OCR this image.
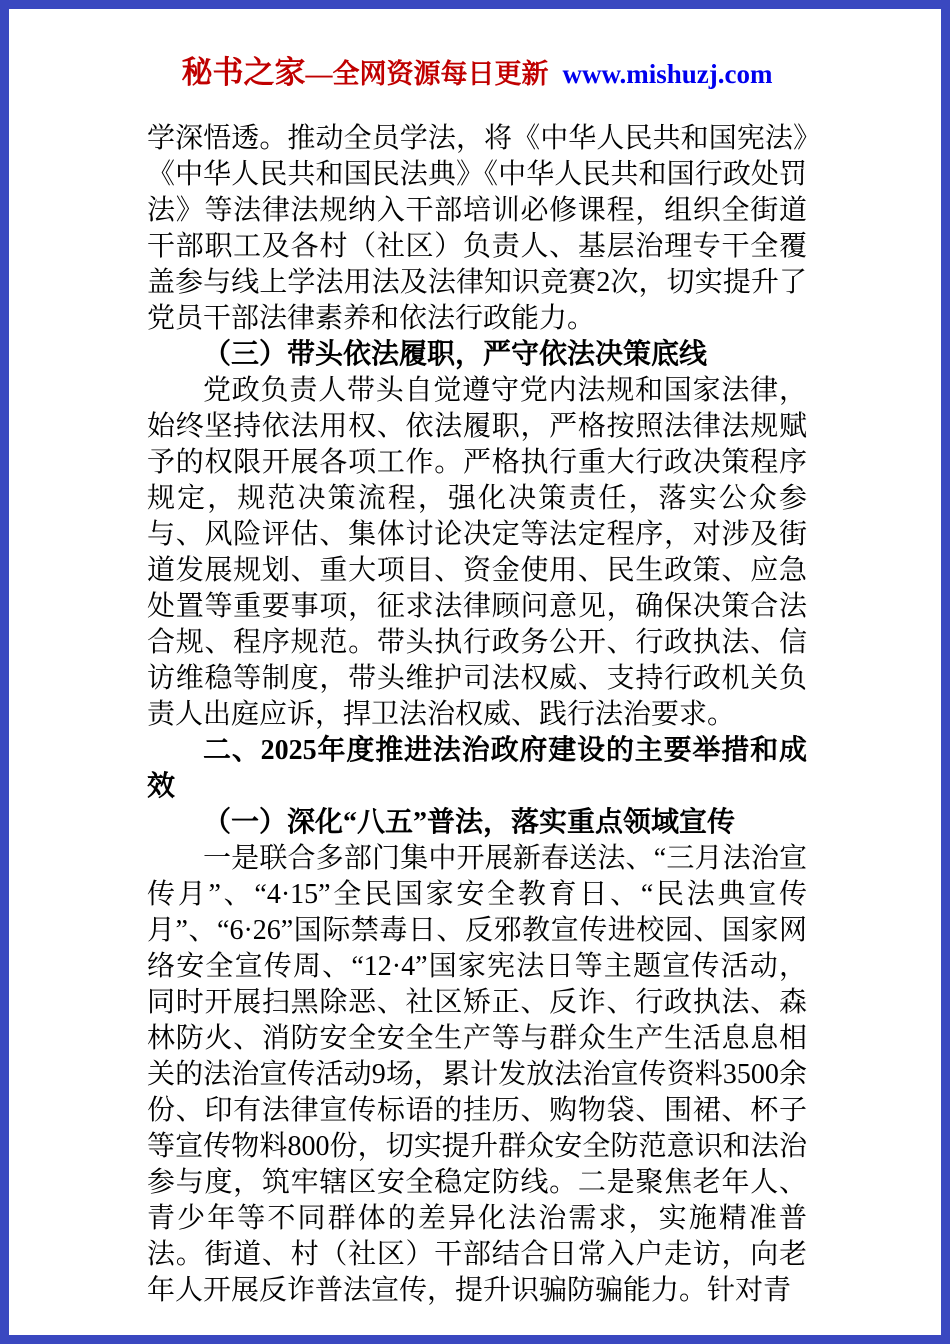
秘书之家—全网资源每日更新 www.mishuzj.com

学深悟透。推动全员学法，将《中华人民共和国宪法》《中华人民共和国民法典》《中华人民共和国行政处罚法》等法律法规纳入干部培训必修课程，组织全街道干部职工及各村（社区）负责人、基层治理专干全覆盖参与线上学法用法及法律知识竞赛2次，切实提升了党员干部法律素养和依法行政能力。

（三）带头依法履职，严守依法决策底线

党政负责人带头自觉遵守党内法规和国家法律，始终坚持依法用权、依法履职，严格按照法律法规赋予的权限开展各项工作。严格执行重大行政决策程序规定，规范决策流程，强化决策责任，落实公众参与、风险评估、集体讨论决定等法定程序，对涉及街道发展规划、重大项目、资金使用、民生政策、应急处置等重要事项，征求法律顾问意见，确保决策合法合规、程序规范。带头执行政务公开、行政执法、信访维稳等制度，带头维护司法权威、支持行政机关负责人出庭应诉，捍卫法治权威、践行法治要求。

二、2025年度推进法治政府建设的主要举措和成效

（一）深化“八五”普法，落实重点领域宣传

一是联合多部门集中开展新春送法、“三月法治宣传月”、“4·15”全民国家安全教育日、“民法典宣传月”、“6·26”国际禁毒日、反邪教宣传进校园、国家网络安全宣传周、“12·4”国家宪法日等主题宣传活动，同时开展扫黑除恶、社区矫正、反诈、行政执法、森林防火、消防安全安全生产等与群众生产生活息息相关的法治宣传活动9场，累计发放法治宣传资料3500余份、印有法律宣传标语的挂历、购物袋、围裙、杯子等宣传物料800份，切实提升群众安全防范意识和法治参与度，筑牢辖区安全稳定防线。二是聚焦老年人、青少年等不同群体的差异化法治需求，实施精准普法。街道、村（社区）干部结合日常入户走访，向老年人开展反诈普法宣传，提升识骗防骗能力。针对青
